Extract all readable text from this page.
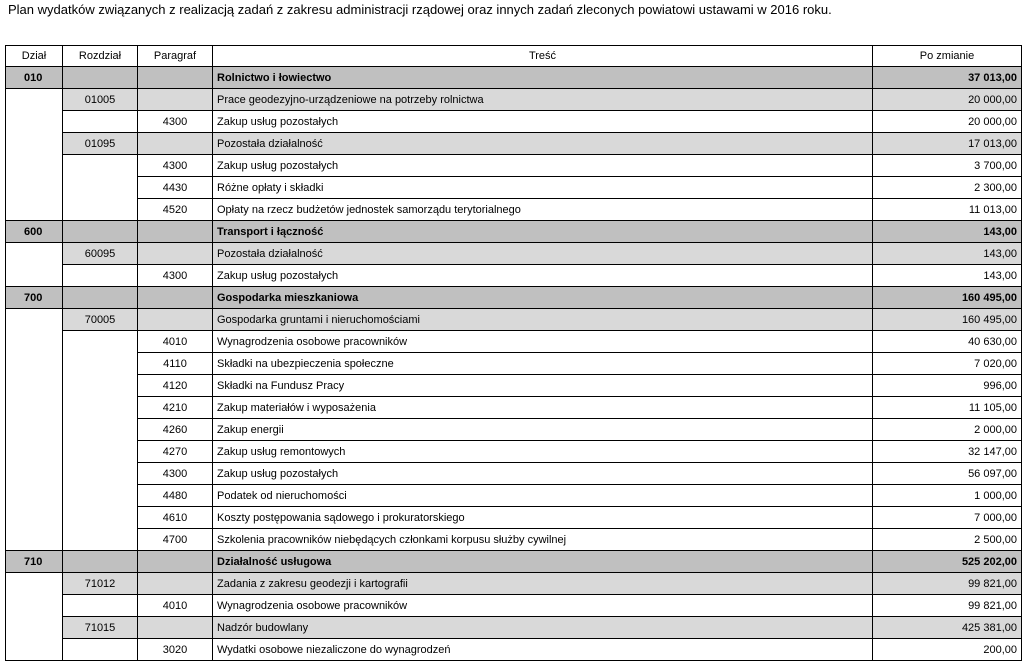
Plan wydatków związanych z realizacją zadań z zakresu administracji rządowej oraz innych zadań zleconych powiatowi ustawami w 2016 roku.
Dział	Rozdział	Paragraf	Treść	Po zmianie
010			Rolnictwo i łowiectwo	37 013,00
	01005		Prace geodezyjno-urządzeniowe na potrzeby rolnictwa	20 000,00
		4300	Zakup usług pozostałych	20 000,00
	01095		Pozostała działalność	17 013,00
		4300	Zakup usług pozostałych	3 700,00
		4430	Różne opłaty i składki	2 300,00
		4520	Opłaty na rzecz budżetów jednostek samorządu terytorialnego	11 013,00
600			Transport i łączność	143,00
	60095		Pozostała działalność	143,00
		4300	Zakup usług pozostałych	143,00
700			Gospodarka mieszkaniowa	160 495,00
	70005		Gospodarka gruntami i nieruchomościami	160 495,00
		4010	Wynagrodzenia osobowe pracowników	40 630,00
		4110	Składki na ubezpieczenia społeczne	7 020,00
		4120	Składki na Fundusz Pracy	996,00
		4210	Zakup materiałów i wyposażenia	11 105,00
		4260	Zakup energii	2 000,00
		4270	Zakup usług remontowych	32 147,00
		4300	Zakup usług pozostałych	56 097,00
		4480	Podatek od nieruchomości	1 000,00
		4610	Koszty postępowania sądowego i prokuratorskiego	7 000,00
		4700	Szkolenia pracowników niebędących członkami korpusu służby cywilnej	2 500,00
710			Działalność usługowa	525 202,00
	71012		Zadania z zakresu geodezji i kartografii	99 821,00
		4010	Wynagrodzenia osobowe pracowników	99 821,00
	71015		Nadzór budowlany	425 381,00
		3020	Wydatki osobowe niezaliczone do wynagrodzeń	200,00
